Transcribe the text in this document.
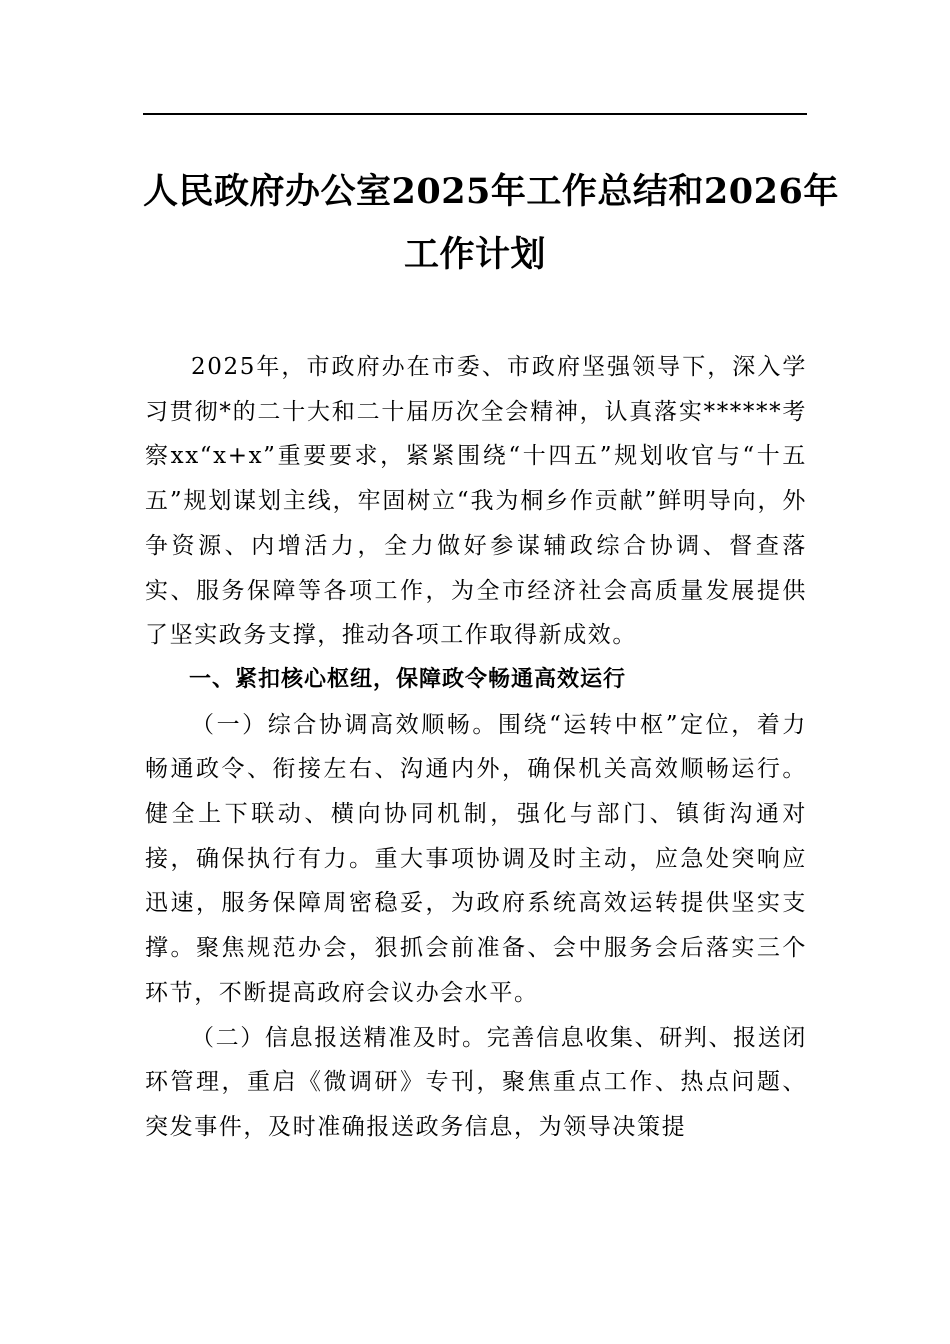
人民政府办公室2025年工作总结和2026年
工作计划

2025年，市政府办在市委、市政府坚强领导下，深入学习贯彻*的二十大和二十届历次全会精神，认真落实******考察xx“x+x”重要要求，紧紧围绕“十四五”规划收官与“十五五”规划谋划主线，牢固树立“我为桐乡作贡献”鲜明导向，外争资源、内增活力，全力做好参谋辅政综合协调、督查落实、服务保障等各项工作，为全市经济社会高质量发展提供了坚实政务支撑，推动各项工作取得新成效。

一、紧扣核心枢纽，保障政令畅通高效运行

（一）综合协调高效顺畅。围绕“运转中枢”定位，着力畅通政令、衔接左右、沟通内外，确保机关高效顺畅运行。健全上下联动、横向协同机制，强化与部门、镇街沟通对接，确保执行有力。重大事项协调及时主动，应急处突响应迅速，服务保障周密稳妥，为政府系统高效运转提供坚实支撑。聚焦规范办会，狠抓会前准备、会中服务会后落实三个环节，不断提高政府会议办会水平。

（二）信息报送精准及时。完善信息收集、研判、报送闭环管理，重启《微调研》专刊，聚焦重点工作、热点问题、突发事件，及时准确报送政务信息，为领导决策提
